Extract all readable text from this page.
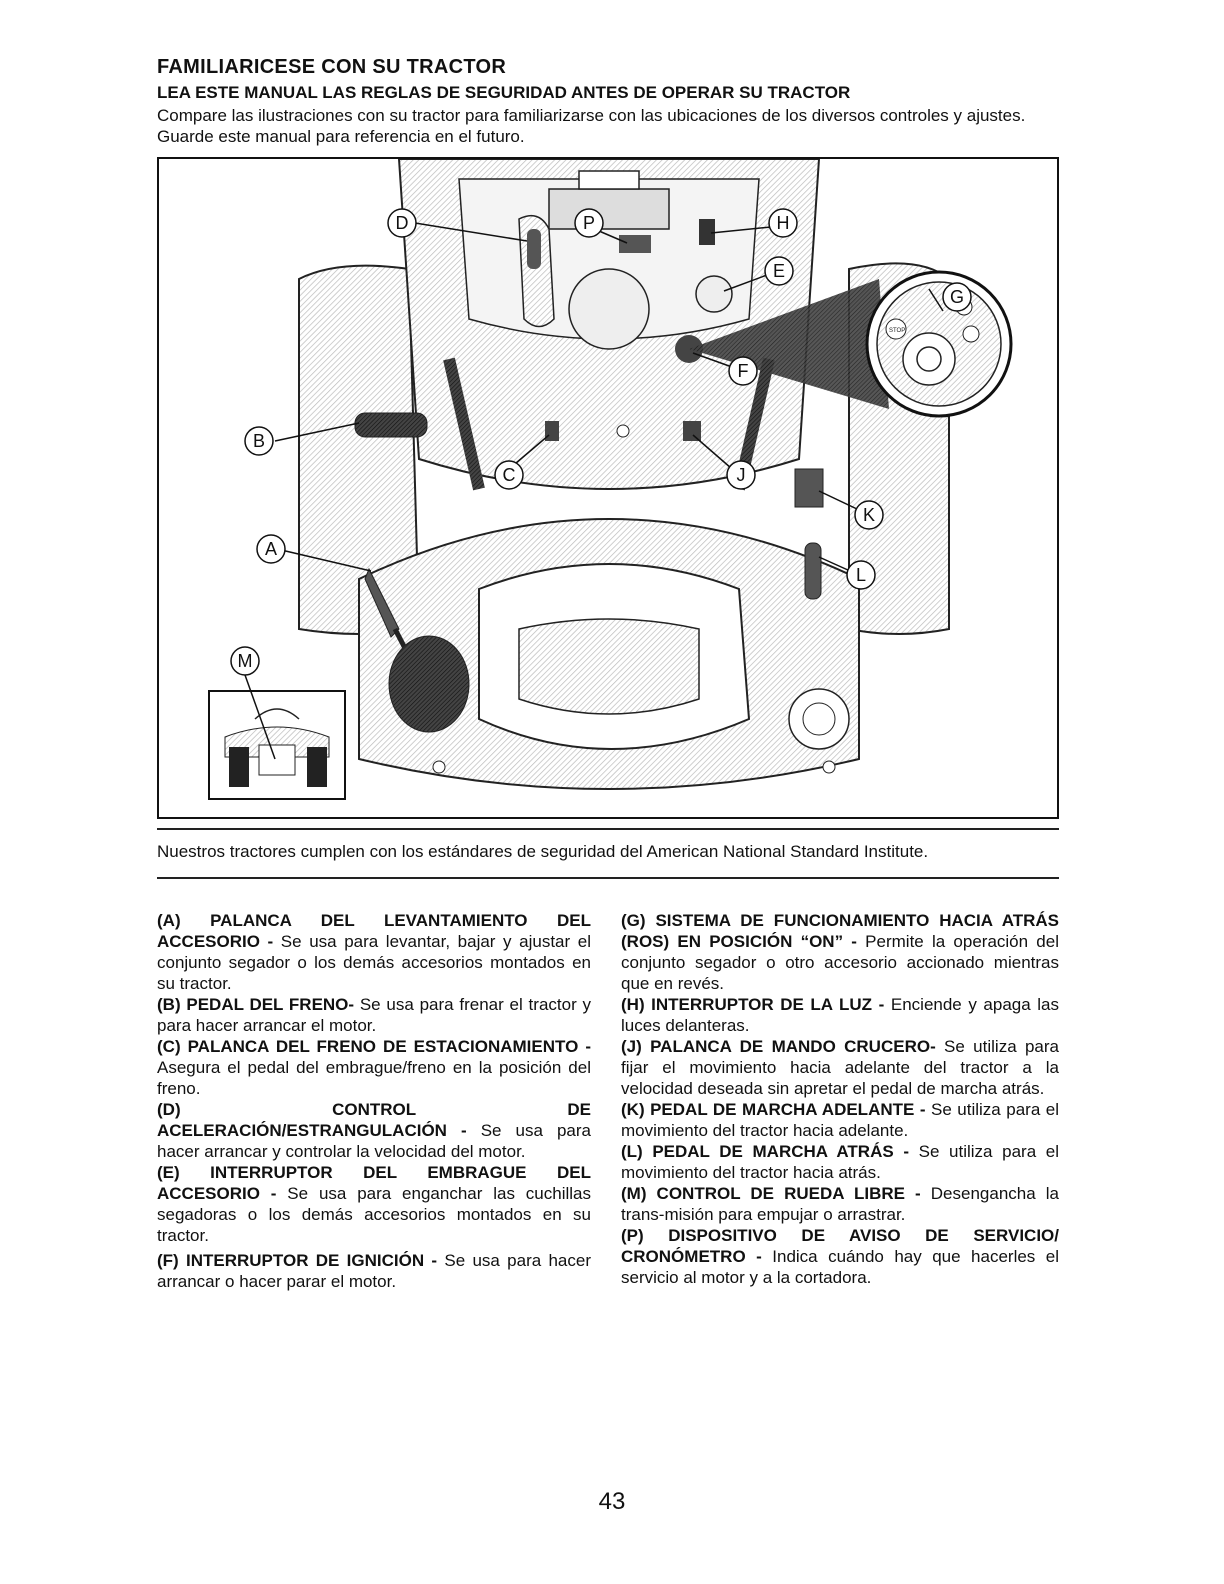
FAMILIARICESE CON SU TRACTOR
LEA ESTE MANUAL LAS REGLAS DE SEGURIDAD ANTES DE OPERAR SU TRACTOR

Compare las ilustraciones con su tractor para familiarizarse con las ubicaciones de los diversos controles y ajustes. Guarde este manual para referencia en el futuro.

STOP
D	P	H
E
G
F
B
C	J
K
A
L
M

Nuestros tractores cumplen con los estándares de seguridad del American National Standard Institute.

(A) PALANCA DEL LEVANTAMIENTO DEL ACCESORIO - Se usa para levantar, bajar y ajustar el conjunto segador o los demás accesorios montados en su tractor.

(B) PEDAL DEL FRENO- Se usa para frenar el tractor y para hacer arrancar el motor.

(C) PALANCA DEL FRENO DE ESTACIONAMIENTO - Asegura el pedal del embrague/freno en la posición del freno.

(D) CONTROL DE ACELERACIÓN/ESTRANGULACIÓN - Se usa para hacer arrancar y controlar la velocidad del motor.

(E) INTERRUPTOR DEL EMBRAGUE DEL ACCESORIO - Se usa para enganchar las cuchillas segadoras o los demás accesorios montados en su tractor.

(F) INTERRUPTOR DE IGNICIÓN - Se usa para hacer arrancar o hacer parar el motor.

(G) SISTEMA DE FUNCIONAMIENTO HACIA ATRÁS (ROS) EN POSICIÓN “ON” - Permite la operación del conjunto segador o otro accesorio accionado mientras que en revés.

(H) INTERRUPTOR DE LA LUZ - Enciende y apaga las luces delanteras.

(J) PALANCA DE MANDO CRUCERO- Se utiliza para fijar el movimiento hacia adelante del tractor a la velocidad deseada sin apretar el pedal de marcha atrás.

(K) PEDAL DE MARCHA ADELANTE - Se utiliza para el movimiento del tractor hacia adelante.

(L) PEDAL DE MARCHA ATRÁS - Se utiliza para el movimiento del tractor hacia atrás.

(M) CONTROL DE RUEDA LIBRE - Desengancha la trans-misión para empujar o arrastrar.

(P) DISPOSITIVO DE AVISO DE SERVICIO/ CRONÓMETRO - Indica cuándo hay que hacerles el servicio al motor y a la cortadora.

43
